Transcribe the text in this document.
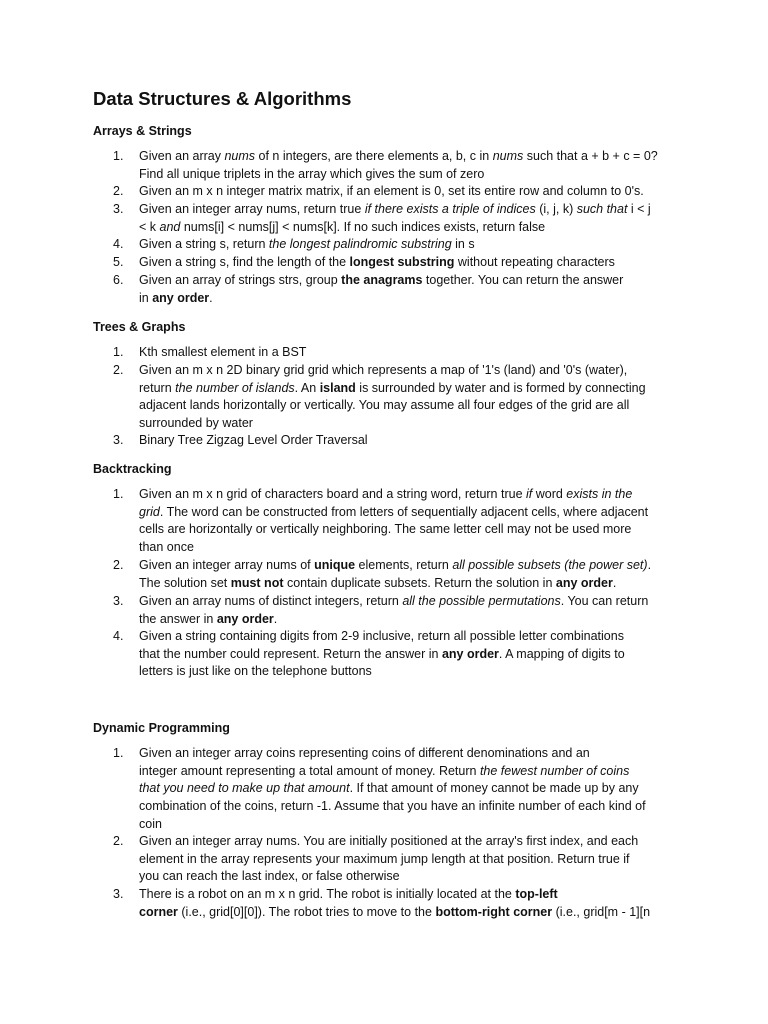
Data Structures & Algorithms
Arrays & Strings
1.	Given an array nums of n integers, are there elements a, b, c in nums such that a + b + c = 0?
Find all unique triplets in the array which gives the sum of zero
2.	Given an m x n integer matrix matrix, if an element is 0, set its entire row and column to 0's.
3.	Given an integer array nums, return true if there exists a triple of indices (i, j, k) such that i < j
< k and nums[i] < nums[j] < nums[k]. If no such indices exists, return false
4.	Given a string s, return the longest palindromic substring in s
5.	Given a string s, find the length of the longest substring without repeating characters
6.	Given an array of strings strs, group the anagrams together. You can return the answer
in any order.
Trees & Graphs
1.	Kth smallest element in a BST
2.	Given an m x n 2D binary grid grid which represents a map of '1's (land) and '0's (water),
return the number of islands. An island is surrounded by water and is formed by connecting
adjacent lands horizontally or vertically. You may assume all four edges of the grid are all
surrounded by water
3.	Binary Tree Zigzag Level Order Traversal
Backtracking
1.	Given an m x n grid of characters board and a string word, return true if word exists in the
grid. The word can be constructed from letters of sequentially adjacent cells, where adjacent
cells are horizontally or vertically neighboring. The same letter cell may not be used more
than once
2.	Given an integer array nums of unique elements, return all possible subsets (the power set).
The solution set must not contain duplicate subsets. Return the solution in any order.
3.	Given an array nums of distinct integers, return all the possible permutations. You can return
the answer in any order.
4.	Given a string containing digits from 2-9 inclusive, return all possible letter combinations
that the number could represent. Return the answer in any order. A mapping of digits to
letters is just like on the telephone buttons
Dynamic Programming
1.	Given an integer array coins representing coins of different denominations and an
integer amount representing a total amount of money. Return the fewest number of coins
that you need to make up that amount. If that amount of money cannot be made up by any
combination of the coins, return -1. Assume that you have an infinite number of each kind of
coin
2.	Given an integer array nums. You are initially positioned at the array's first index, and each
element in the array represents your maximum jump length at that position. Return true if
you can reach the last index, or false otherwise
3.	There is a robot on an m x n grid. The robot is initially located at the top-left
corner (i.e., grid[0][0]). The robot tries to move to the bottom-right corner (i.e., grid[m - 1][n
